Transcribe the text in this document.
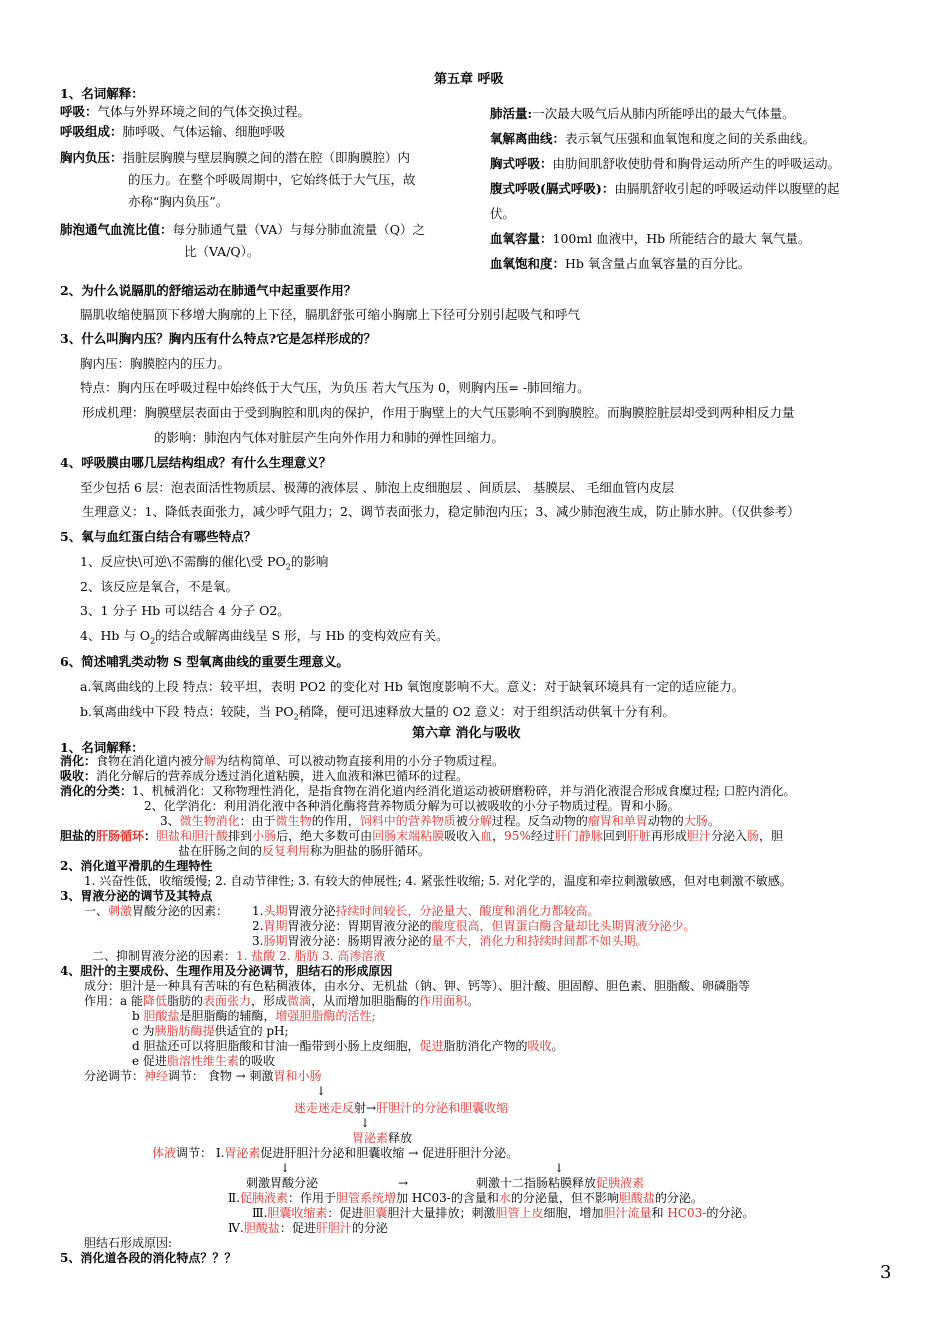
第五章 呼吸
1、名词解释：
呼吸：气体与外界环境之间的气体交换过程。
呼吸组成：肺呼吸、气体运输、细胞呼吸
胸内负压：指脏层胸膜与壁层胸膜之间的潜在腔（即胸膜腔）内
的压力。在整个呼吸周期中，它始终低于大气压，故
亦称“胸内负压”。
肺泡通气血流比值：每分肺通气量（VA）与每分肺血流量（Q）之
比（VA/Q）。
肺活量:一次最大吸气后从肺内所能呼出的最大气体量。
氧解离曲线：表示氧气压强和血氧饱和度之间的关系曲线。
胸式呼吸：由肋间肌舒收使肋骨和胸骨运动所产生的呼吸运动。
腹式呼吸(膈式呼吸)：由膈肌舒收引起的呼吸运动伴以腹壁的起
伏。
血氧容量：100ml 血液中，Hb 所能结合的最大 氧气量。
血氧饱和度：Hb 氧含量占血氧容量的百分比。
2、为什么说膈肌的舒缩运动在肺通气中起重要作用？
膈肌收缩使膈顶下移增大胸廓的上下径，膈肌舒张可缩小胸廓上下径可分别引起吸气和呼气
3、什么叫胸内压？胸内压有什么特点?它是怎样形成的？
胸内压：胸膜腔内的压力。
特点：胸内压在呼吸过程中始终低于大气压，为负压 若大气压为 0，则胸内压= -肺回缩力。
形成机理：胸膜壁层表面由于受到胸腔和肌肉的保护，作用于胸壁上的大气压影响不到胸膜腔。而胸膜腔脏层却受到两种相反力量
的影响：肺泡内气体对脏层产生向外作用力和肺的弹性回缩力。
4、呼吸膜由哪几层结构组成？有什么生理意义？
至少包括 6 层：泡表面活性物质层、极薄的液体层 、肺泡上皮细胞层 、间质层、 基膜层、 毛细血管内皮层
生理意义：1、降低表面张力，减少呼气阻力；2、调节表面张力，稳定肺泡内压；3、减少肺泡液生成，防止肺水肿。（仅供参考）
5、氧与血红蛋白结合有哪些特点？
1、反应快\可逆\不需酶的催化\受 $PO_2$的影响
2、该反应是氧合，不是氧。
3、1 分子 Hb 可以结合 4 分子 O2。
4、Hb 与 $O_2$的结合或解离曲线呈 S 形，与 Hb 的变构效应有关。
6、简述哺乳类动物 S 型氧离曲线的重要生理意义。
a.氧离曲线的上段 特点：较平坦，表明 PO2 的变化对 Hb 氧饱度影响不大。意义：对于缺氧环境具有一定的适应能力。
b.氧离曲线中下段 特点：较陡，当 $PO_2$稍降，便可迅速释放大量的 O2 意义：对于组织活动供氧十分有利。
第六章 消化与吸收
1、名词解释：
消化：食物在消化道内被分解为结构简单、可以被动物直接利用的小分子物质过程。
吸收：消化分解后的营养成分透过消化道粘膜，进入血液和淋巴循环的过程。
消化的分类：1、机械消化：又称物理性消化，是指食物在消化道内经消化道运动被研磨粉碎，并与消化液混合形成食糜过程; 口腔内消化。
2、化学消化：利用消化液中各种消化酶将营养物质分解为可以被吸收的小分子物质过程。胃和小肠。
3、微生物消化：由于微生物的作用，饲料中的营养物质被分解过程。反刍动物的瘤胃和单胃动物的大肠。
胆盐的肝肠循环：胆盐和胆汁酸排到小肠后，绝大多数可由回肠末端粘膜吸收入血，95%经过肝门静脉回到肝脏再形成胆汁分泌入肠，胆
盐在肝肠之间的反复利用称为胆盐的肠肝循环。
2、消化道平滑肌的生理特性
1. 兴奋性低，收缩缓慢; 2. 自动节律性; 3. 有较大的伸展性; 4. 紧张性收缩; 5. 对化学的，温度和牵拉刺激敏感，但对电刺激不敏感。
3、胃液分泌的调节及其特点
一、刺激胃酸分泌的因素： 1.头期胃液分泌持续时间较长，分泌量大、酸度和消化力都较高。
2.胃期胃液分泌：胃期胃液分泌的酸度很高，但胃蛋白酶含量却比头期胃液分泌少。
3.肠期胃液分泌：肠期胃液分泌的量不大，消化力和持续时间都不如头期。
二、抑制胃液分泌的因素：1. 盐酸 2. 脂肪 3. 高渗溶液
4、胆汁的主要成份、生理作用及分泌调节，胆结石的形成原因
成分：胆汁是一种具有苦味的有色粘稠液体，由水分、无机盐（钠、钾、钙等）、胆汁酸、胆固醇、胆色素、胆脂酸、卵磷脂等
作用：a 能降低脂肪的表面张力，形成微滴，从而增加胆脂酶的作用面积。
b 胆酸盐是胆脂酶的辅酶，增强胆脂酶的活性;
c 为胰脂肪酶提供适宜的 pH;
d 胆盐还可以将胆脂酸和甘油一酯带到小肠上皮细胞，促进脂肪消化产物的吸收。
e 促进脂溶性维生素的吸收
分泌调节：神经调节： 食物 → 刺激胃和小肠
↓
迷走迷走反射→肝胆汁的分泌和胆囊收缩
↓
胃泌素释放
体液调节： Ⅰ.胃泌素促进肝胆汁分泌和胆囊收缩 → 促进肝胆汁分泌。
↓	↓
刺激胃酸分泌	→	刺激十二指肠粘膜释放促胰液素
Ⅱ.促胰液素：作用于胆管系统增加 HC03-的含量和水的分泌量，但不影响胆酸盐的分泌。
Ⅲ.胆囊收缩素：促进胆囊胆汁大量排放；刺激胆管上皮细胞，增加胆汁流量和 HC03-的分泌。
Ⅳ.胆酸盐：促进肝胆汁的分泌
胆结石形成原因:
5、消化道各段的消化特点？？？
3
